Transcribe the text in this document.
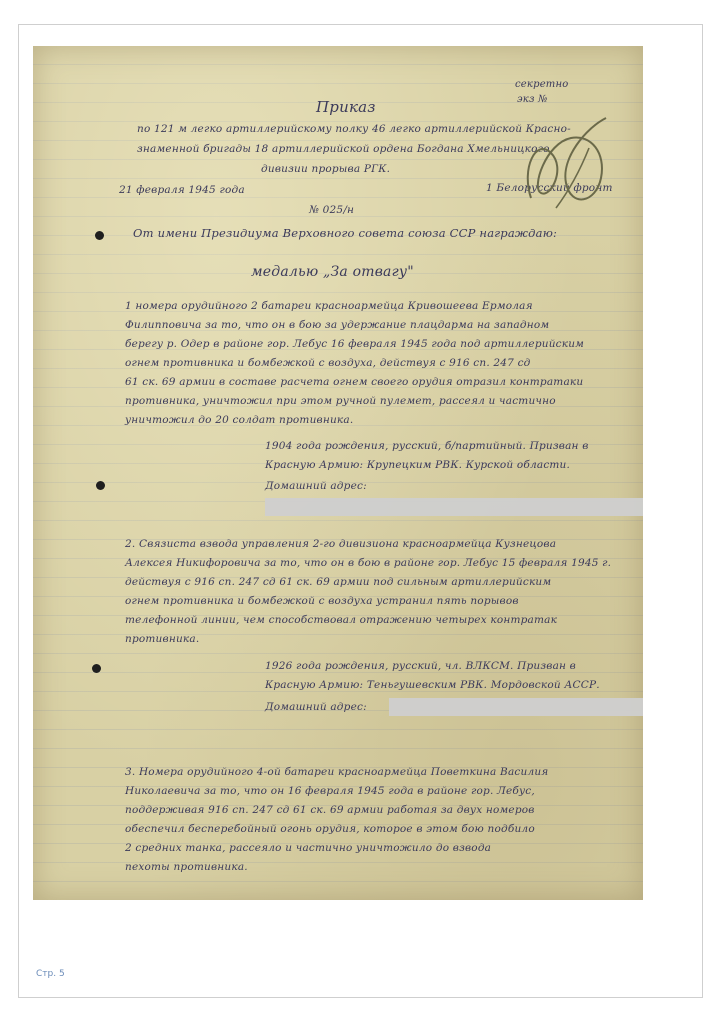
секретно
экз №
Приказ
по 121 м легко артиллерийскому полку 46 легко артиллерийской Красно-
знаменной бригады 18 артиллерийской ордена Богдана Хмельницкого
дивизии прорыва РГК.
21 февраля 1945 года	1 Белорусский фронт
№ 025/н
От имени Президиума Верховного совета союза ССР награждаю:
медалью „За отвагу"
1 номера орудийного 2 батареи красноармейца Кривошеева Ермолая
Филипповича за то, что он в бою за удержание плацдарма на западном
берегу р. Одер в районе гор. Лебус 16 февраля 1945 года под артиллерийским
огнем противника и бомбежкой с воздуха, действуя с 916 сп. 247 сд
61 ск. 69 армии в составе расчета огнем своего орудия отразил контратаки
противника, уничтожил при этом ручной пулемет, рассеял и частично
уничтожил до 20 солдат противника.
1904 года рождения, русский, б/партийный. Призван в
Красную Армию: Крупецким РВК. Курской области.
Домашний адрес:
2. Связиста взвода управления 2-го дивизиона красноармейца Кузнецова
Алексея Никифоровича за то, что он в бою в районе гор. Лебус 15 февраля 1945 г.
действуя с 916 сп. 247 сд 61 ск. 69 армии под сильным артиллерийским
огнем противника и бомбежкой с воздуха устранил пять порывов
телефонной линии, чем способствовал отражению четырех контратак
противника.
1926 года рождения, русский, чл. ВЛКСМ. Призван в
Красную Армию: Теньгушевским РВК. Мордовской АССР.
Домашний адрес:
3. Номера орудийного 4-ой батареи красноармейца Поветкина Василия
Николаевича за то, что он 16 февраля 1945 года в районе гор. Лебус,
поддерживая 916 сп. 247 сд 61 ск. 69 армии работая за двух номеров
обеспечил бесперебойный огонь орудия, которое в этом бою подбило
2 средних танка, рассеяло и частично уничтожило до взвода
пехоты противника.
Стр. 5
